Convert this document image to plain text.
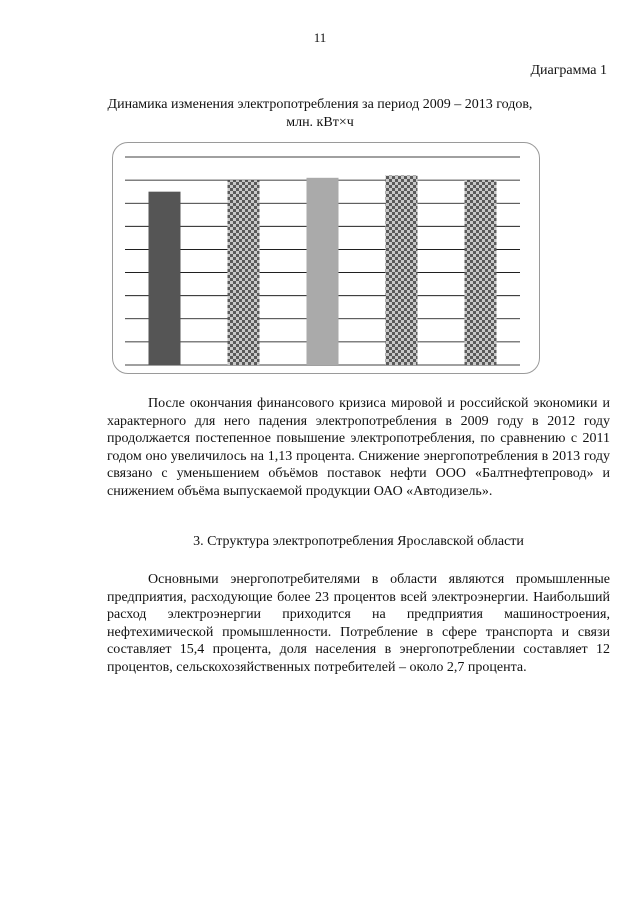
11
Диаграмма 1
Динамика изменения электропотребления за период 2009 – 2013 годов,
млн. кВт×ч

После окончания финансового кризиса мировой и российской экономики и характерного для него падения электропотребления в 2009 году в 2012 году продолжается постепенное повышение электропотребления, по сравнению с 2011 годом оно увеличилось на 1,13 процента. Снижение энергопотребления в 2013 году связано с уменьшением объёмов поставок нефти ООО «Балтнефтепровод» и снижением объёма выпускаемой продукции ОАО «Автодизель».

3. Структура электропотребления Ярославской области

Основными энергопотребителями в области являются промышленные предприятия, расходующие более 23 процентов всей электроэнергии. Наибольший расход электроэнергии приходится на предприятия машиностроения, нефтехимической промышленности. Потребление в сфере транспорта и связи составляет 15,4 процента, доля населения в энергопотреблении составляет 12 процентов, сельскохозяйственных потребителей – около 2,7 процента.
